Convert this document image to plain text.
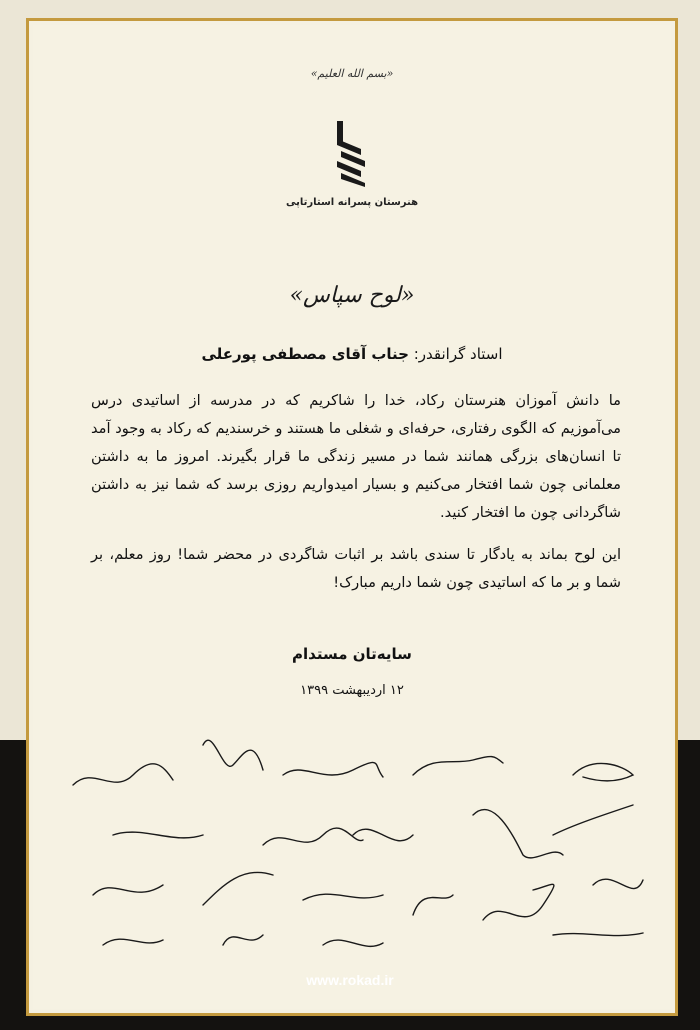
«بسم الله العلیم»
هنرستان پسرانه استارتاپی
«لوح سپاس»
استاد گرانقدر: جناب آقای مصطفی پورعلی

ما دانش آموزان هنرستان رکاد، خدا را شاکریم که در مدرسه از اساتیدی درس می‌آموزیم که الگوی رفتاری، حرفه‌ای و شغلی ما هستند و خرسندیم که رکاد به وجود آمد تا انسان‌های بزرگی همانند شما در مسیر زندگی ما قرار بگیرند. امروز ما به داشتن معلمانی چون شما افتخار می‌کنیم و بسیار امیدواریم روزی برسد که شما نیز به داشتن شاگردانی چون ما افتخار کنید.

این لوح بماند به یادگار تا سندی باشد بر اثبات شاگردی در محضر شما! روز معلم، بر شما و بر ما که اساتیدی چون شما داریم مبارک!

سایه‌تان مستدام
۱۲ اردیبهشت ۱۳۹۹
www.rokad.ir
